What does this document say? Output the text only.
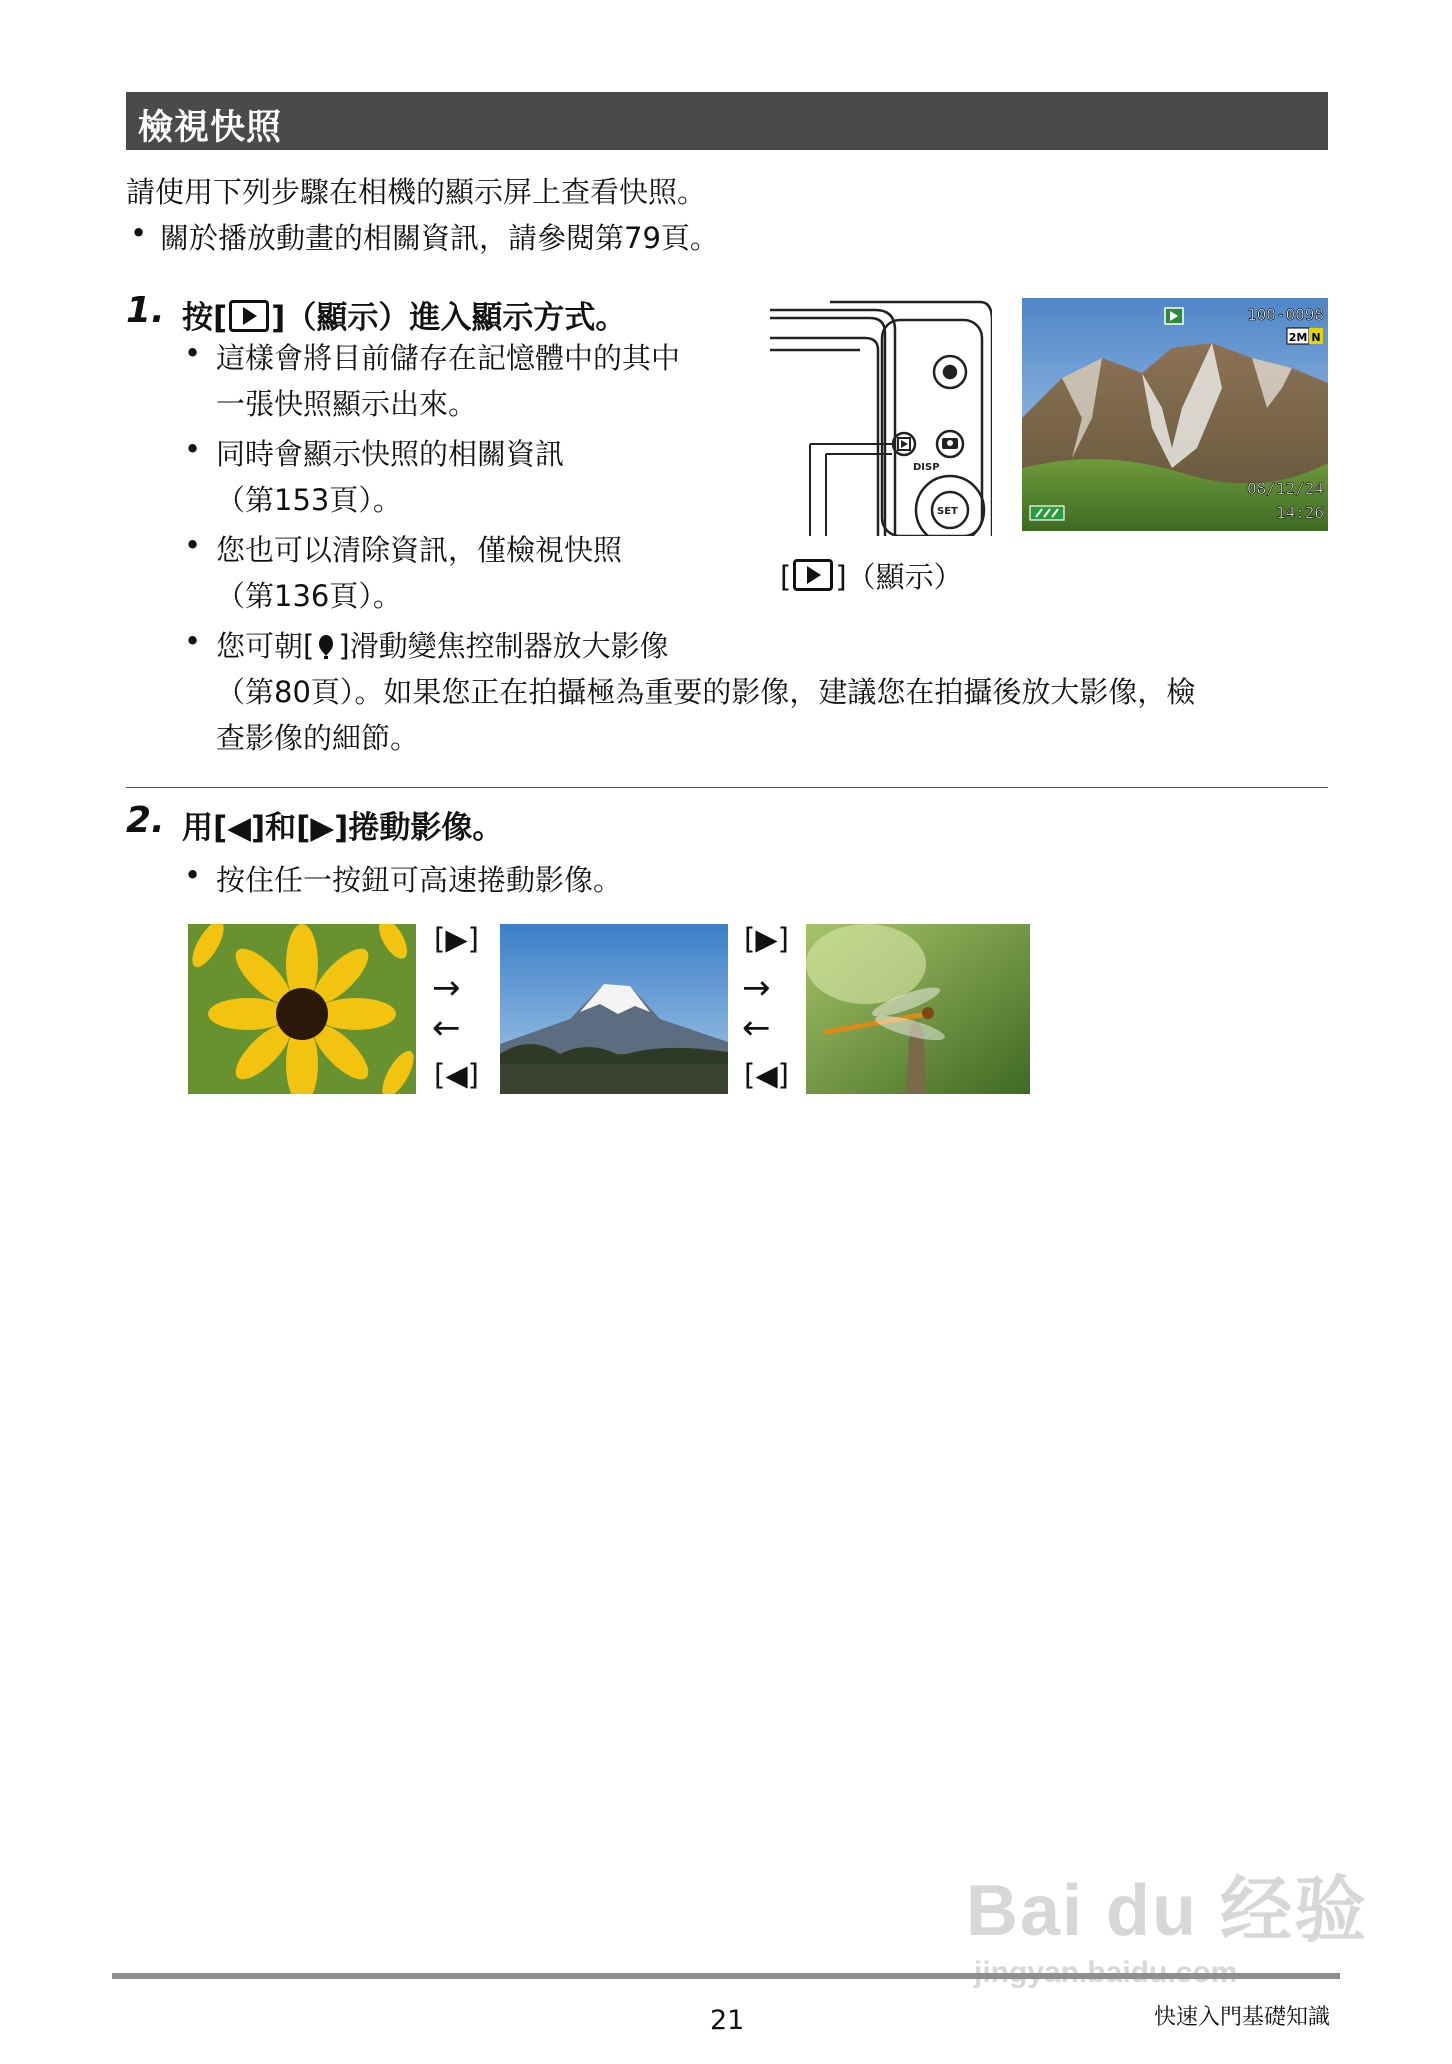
檢視快照
請使用下列步驟在相機的顯示屏上查看快照。
• 關於播放動畫的相關資訊，請參閱第79頁。
1. 按[ ]（顯示）進入顯示方式。
• 這樣會將目前儲存在記憶體中的其中
一張快照顯示出來。
• 同時會顯示快照的相關資訊
（第153頁）。
• 您也可以清除資訊，僅檢視快照
（第136頁）。
• 您可朝[ ]滑動變焦控制器放大影像
（第80頁）。如果您正在拍攝極為重要的影像，建議您在拍攝後放大影像，檢
查影像的細節。
DISP
SET
[ ]（顯示）
100-0098
2M N
08/12/24
14:26
2. 用[◀]和[▶]捲動影像。
• 按住任一按鈕可高速捲動影像。
[▶]
→
←
[◀]
[▶]
→
←
[◀]
Bai du 经验
21	快速入門基礎知識
